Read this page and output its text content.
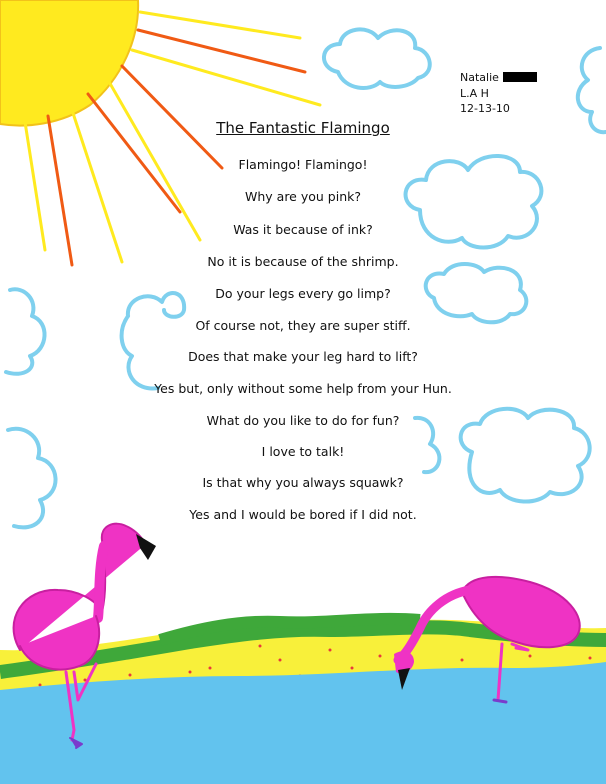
Natalie
L.A H
12-13-10
The Fantastic Flamingo
Flamingo! Flamingo!
Why are you pink?
Was it because of ink?
No it is because of the shrimp.
Do your legs every go limp?
Of course not, they are super stiff.
Does that make your leg hard to lift?
Yes but, only without some help from your Hun.
What do you like to do for fun?
I love to talk!
Is that why you always squawk?
Yes and I would be bored if I did not.
